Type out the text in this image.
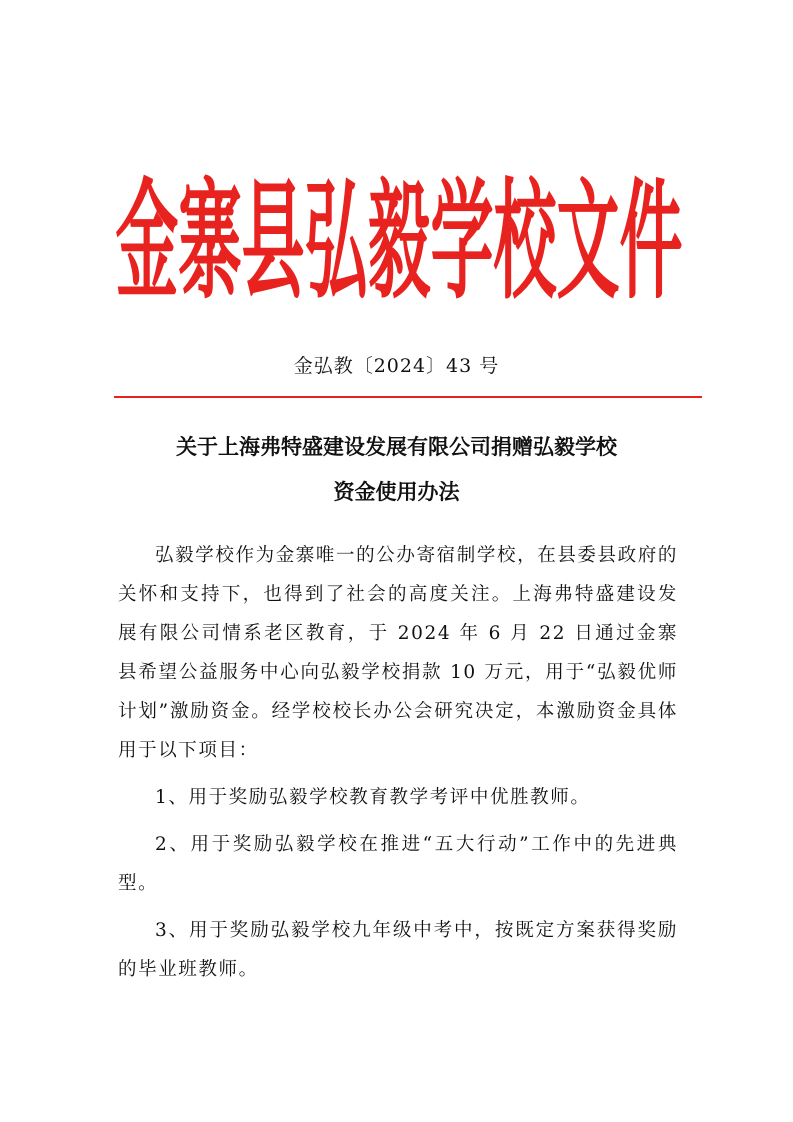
金寨县弘毅学校文件
金弘教〔2024〕43 号
关于上海弗特盛建设发展有限公司捐赠弘毅学校
资金使用办法

弘毅学校作为金寨唯一的公办寄宿制学校，在县委县政府的关怀和支持下，也得到了社会的高度关注。上海弗特盛建设发展有限公司情系老区教育，于 2024 年 6 月 22 日通过金寨县希望公益服务中心向弘毅学校捐款 10 万元，用于“弘毅优师计划”激励资金。经学校校长办公会研究决定，本激励资金具体用于以下项目：

1、用于奖励弘毅学校教育教学考评中优胜教师。

2、用于奖励弘毅学校在推进“五大行动”工作中的先进典型。

3、用于奖励弘毅学校九年级中考中，按既定方案获得奖励的毕业班教师。
